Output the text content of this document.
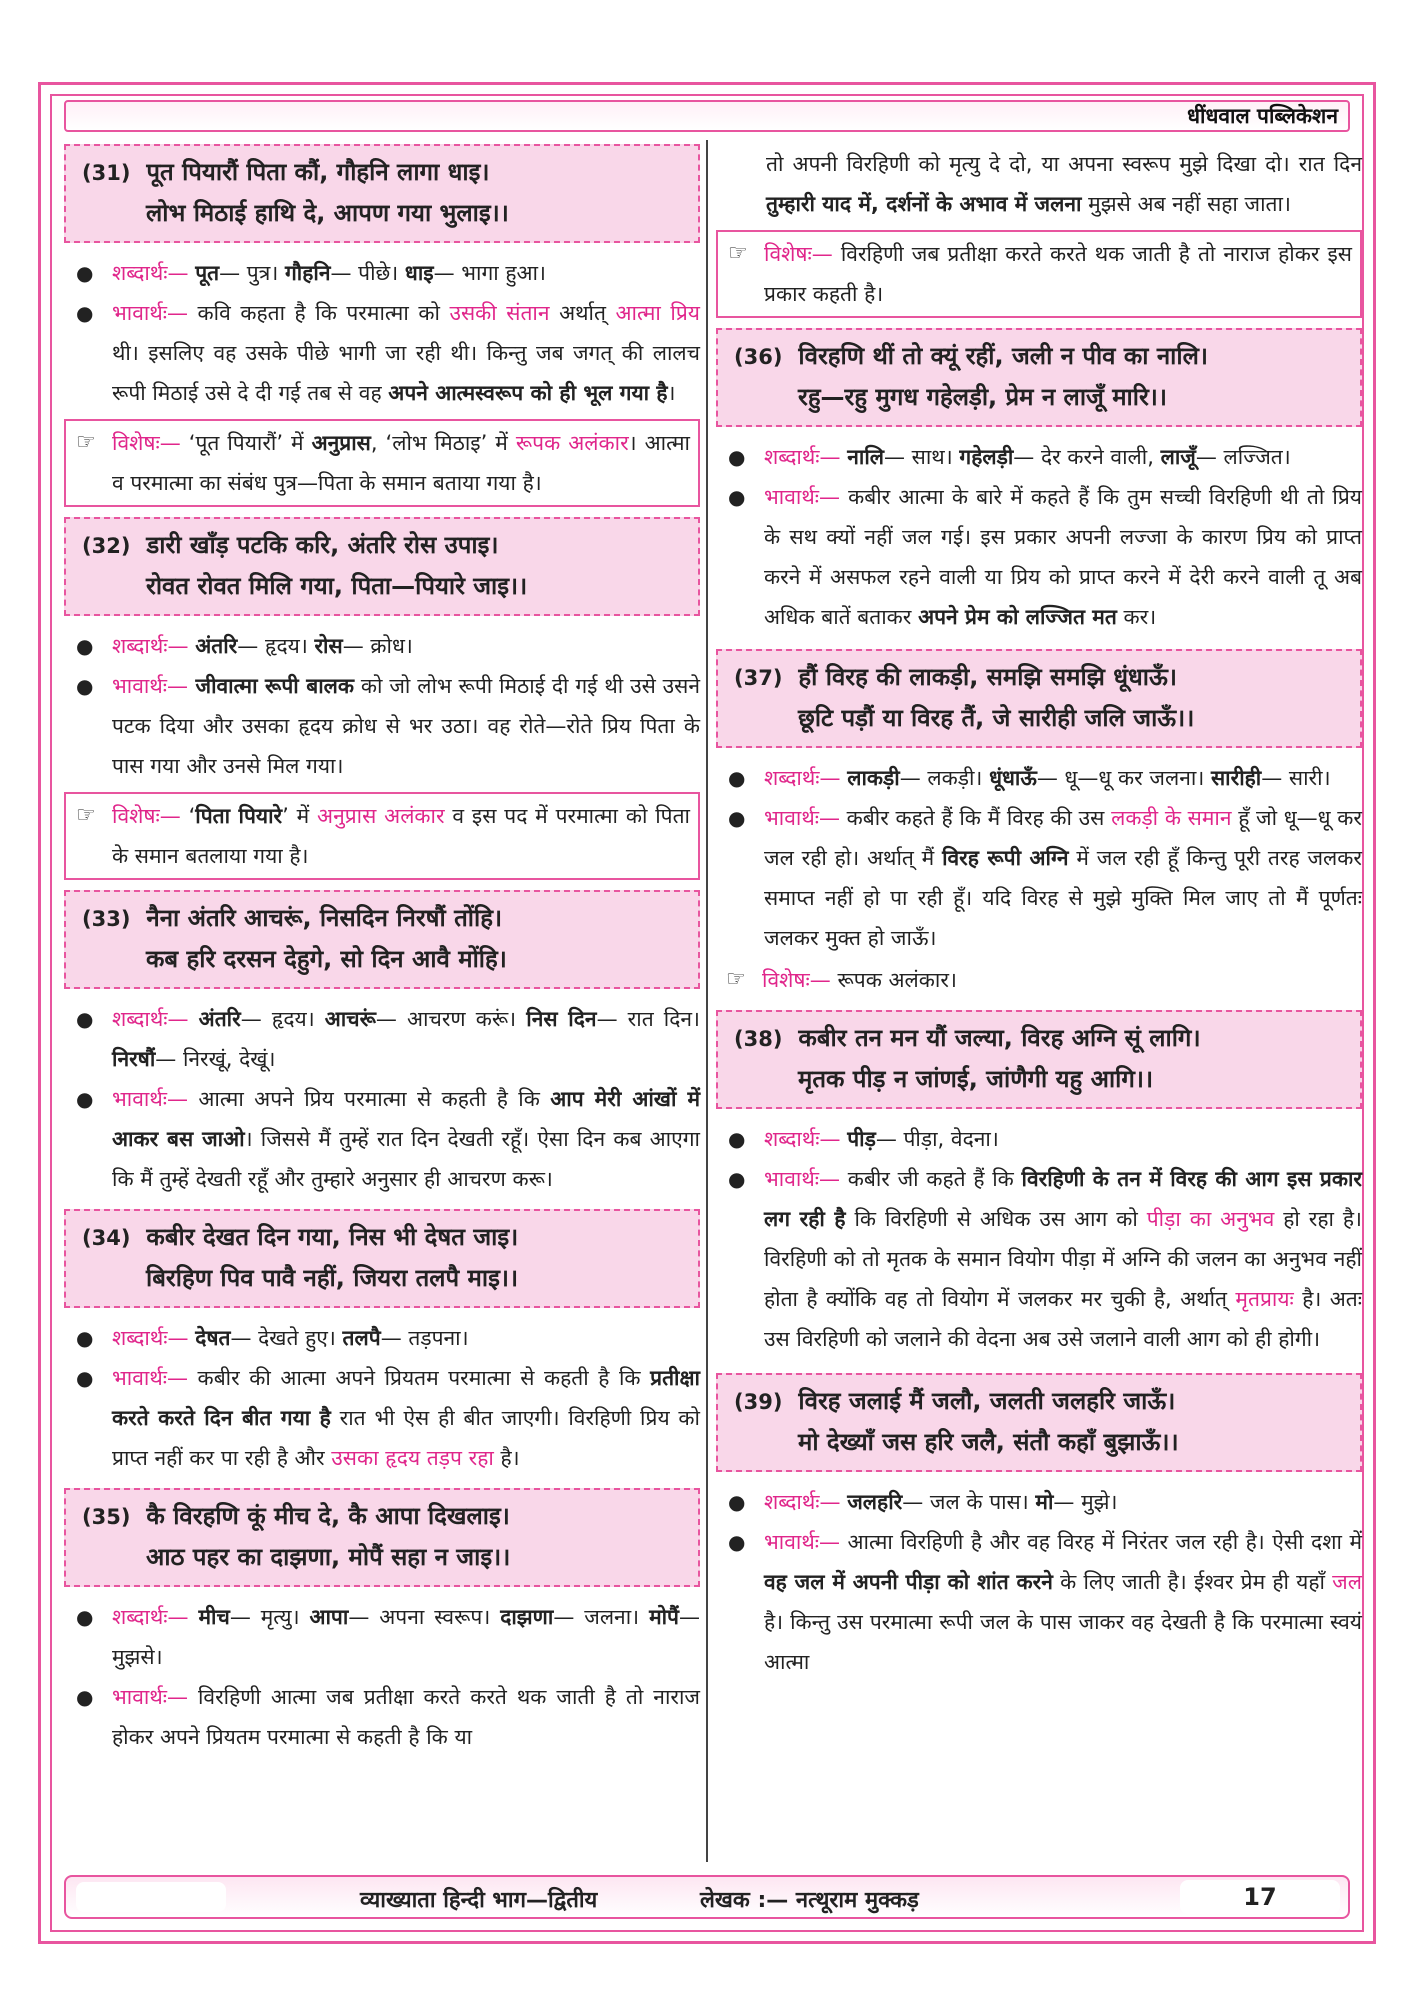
धींधवाल पब्लिकेशन
(31) पूत पियारौं पिता कौं, गौहनि लागा धाइ।
लोभ मिठाई हाथि दे, आपण गया भुलाइ।।
● शब्दार्थः— पूत— पुत्र। गौहनि— पीछे। धाइ— भागा हुआ।
● भावार्थः— कवि कहता है कि परमात्मा को उसकी संतान अर्थात् आत्मा प्रिय थी। इसलिए वह उसके पीछे भागी जा रही थी। किन्तु जब जगत् की लालच रूपी मिठाई उसे दे दी गई तब से वह अपने आत्मस्वरूप को ही भूल गया है।
☞ विशेषः— ‘पूत पियारौं’ में अनुप्रास, ‘लोभ मिठाइ’ में रूपक अलंकार। आत्मा व परमात्मा का संबंध पुत्र—पिता के समान बताया गया है।
(32) डारी खाँड़ पटकि करि, अंतरि रोस उपाइ।
रोवत रोवत मिलि गया, पिता—पियारे जाइ।।
● शब्दार्थः— अंतरि— हृदय। रोस— क्रोध।
● भावार्थः— जीवात्मा रूपी बालक को जो लोभ रूपी मिठाई दी गई थी उसे उसने पटक दिया और उसका हृदय क्रोध से भर उठा। वह रोते—रोते प्रिय पिता के पास गया और उनसे मिल गया।
☞ विशेषः— ‘पिता पियारे’ में अनुप्रास अलंकार व इस पद में परमात्मा को पिता के समान बतलाया गया है।
(33) नैना अंतरि आचरूं, निसदिन निरषौं तोंहि।
कब हरि दरसन देहुगे, सो दिन आवै मोंहि।
● शब्दार्थः— अंतरि— हृदय। आचरूं— आचरण करूं। निस दिन— रात दिन। निरषौं— निरखूं, देखूं।
● भावार्थः— आत्मा अपने प्रिय परमात्मा से कहती है कि आप मेरी आंखों में आकर बस जाओ। जिससे मैं तुम्हें रात दिन देखती रहूँ। ऐसा दिन कब आएगा कि मैं तुम्हें देखती रहूँ और तुम्हारे अनुसार ही आचरण करू।
(34) कबीर देखत दिन गया, निस भी देषत जाइ।
बिरहिण पिव पावै नहीं, जियरा तलपै माइ।।
● शब्दार्थः— देषत— देखते हुए। तलपै— तड़पना।
● भावार्थः— कबीर की आत्मा अपने प्रियतम परमात्मा से कहती है कि प्रतीक्षा करते करते दिन बीत गया है रात भी ऐस ही बीत जाएगी। विरहिणी प्रिय को प्राप्त नहीं कर पा रही है और उसका हृदय तड़प रहा है।
(35) कै विरहणि कूं मीच दे, कै आपा दिखलाइ।
आठ पहर का दाझणा, मोपैं सहा न जाइ।।
● शब्दार्थः— मीच— मृत्यु। आपा— अपना स्वरूप। दाझणा— जलना। मोपैं— मुझसे।
● भावार्थः— विरहिणी आत्मा जब प्रतीक्षा करते करते थक जाती है तो नाराज होकर अपने प्रियतम परमात्मा से कहती है कि या
तो अपनी विरहिणी को मृत्यु दे दो, या अपना स्वरूप मुझे दिखा दो। रात दिन तुम्हारी याद में, दर्शनों के अभाव में जलना मुझसे अब नहीं सहा जाता।
☞ विशेषः— विरहिणी जब प्रतीक्षा करते करते थक जाती है तो नाराज होकर इस प्रकार कहती है।
(36) विरहणि थीं तो क्यूं रहीं, जली न पीव का नालि।
रहु—रहु मुगध गहेलड़ी, प्रेम न लाजूँ मारि।।
● शब्दार्थः— नालि— साथ। गहेलड़ी— देर करने वाली, लाजूँ— लज्जित।
● भावार्थः— कबीर आत्मा के बारे में कहते हैं कि तुम सच्ची विरहिणी थी तो प्रिय के सथ क्यों नहीं जल गई। इस प्रकार अपनी लज्जा के कारण प्रिय को प्राप्त करने में असफल रहने वाली या प्रिय को प्राप्त करने में देरी करने वाली तू अब अधिक बातें बताकर अपने प्रेम को लज्जित मत कर।
(37) हौं विरह की लाकड़ी, समझि समझि धूंधाऊँ।
छूटि पड़ौं या विरह तैं, जे सारीही जलि जाऊँ।।
● शब्दार्थः— लाकड़ी— लकड़ी। धूंधाऊँ— धू—धू कर जलना। सारीही— सारी।
● भावार्थः— कबीर कहते हैं कि मैं विरह की उस लकड़ी के समान हूँ जो धू—धू कर जल रही हो। अर्थात् मैं विरह रूपी अग्नि में जल रही हूँ किन्तु पूरी तरह जलकर समाप्त नहीं हो पा रही हूँ। यदि विरह से मुझे मुक्ति मिल जाए तो मैं पूर्णतः जलकर मुक्त हो जाऊँ।
☞ विशेषः— रूपक अलंकार।
(38) कबीर तन मन यौं जल्या, विरह अग्नि सूं लागि।
मृतक पीड़ न जांणई, जांणैगी यहु आगि।।
● शब्दार्थः— पीड़— पीड़ा, वेदना।
● भावार्थः— कबीर जी कहते हैं कि विरहिणी के तन में विरह की आग इस प्रकार लग रही है कि विरहिणी से अधिक उस आग को पीड़ा का अनुभव हो रहा है। विरहिणी को तो मृतक के समान वियोग पीड़ा में अग्नि की जलन का अनुभव नहीं होता है क्योंकि वह तो वियोग में जलकर मर चुकी है, अर्थात् मृतप्रायः है। अतः उस विरहिणी को जलाने की वेदना अब उसे जलाने वाली आग को ही होगी।
(39) विरह जलाई मैं जलौ, जलती जलहरि जाऊँ।
मो देख्याँ जस हरि जलै, संतौ कहाँ बुझाऊँ।।
● शब्दार्थः— जलहरि— जल के पास। मो— मुझे।
● भावार्थः— आत्मा विरहिणी है और वह विरह में निरंतर जल रही है। ऐसी दशा में वह जल में अपनी पीड़ा को शांत करने के लिए जाती है। ईश्वर प्रेम ही यहाँ जल है। किन्तु उस परमात्मा रूपी जल के पास जाकर वह देखती है कि परमात्मा स्वयं आत्मा
व्याख्याता हिन्दी भाग—द्वितीय	लेखक :— नत्थूराम मुक्कड़	17
